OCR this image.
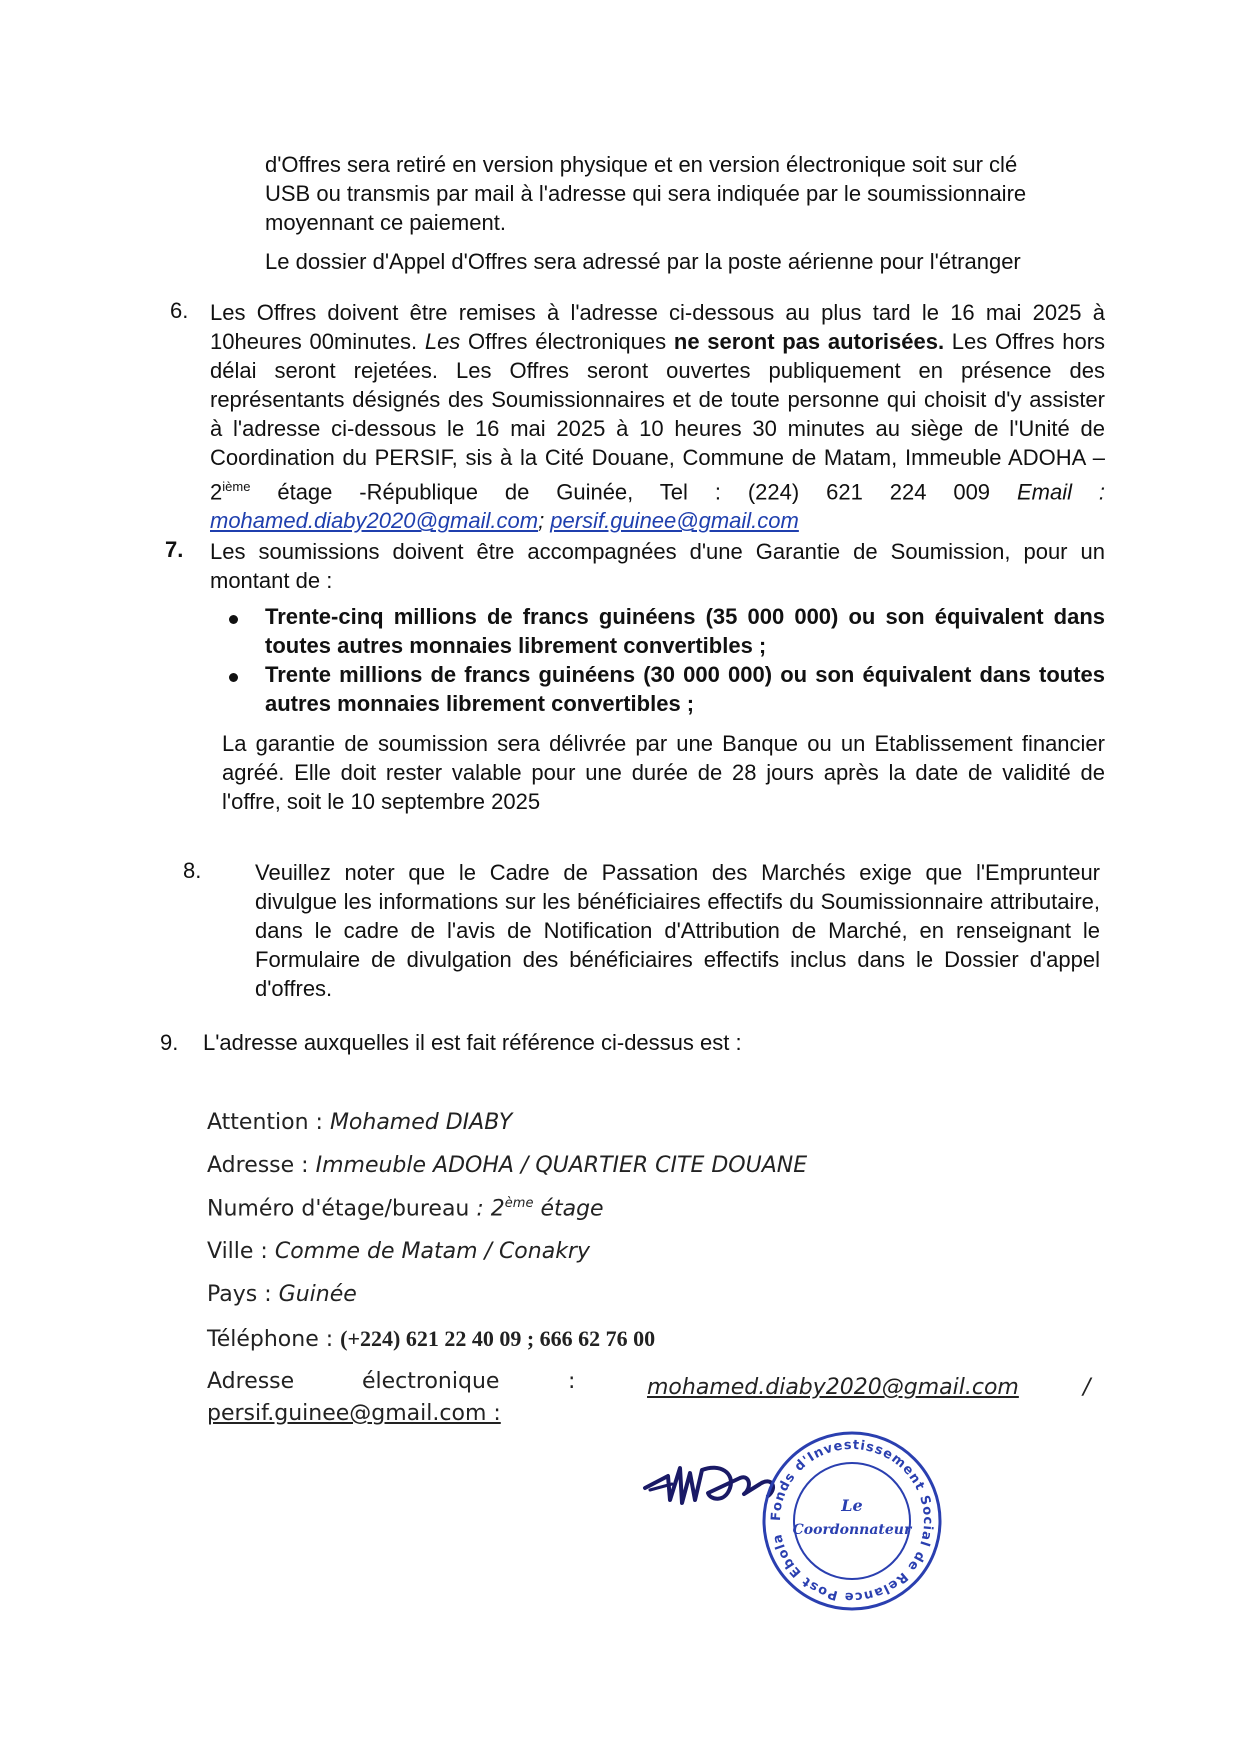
d'Offres sera retiré en version physique et en version électronique soit sur clé
USB ou transmis par mail à l'adresse qui sera indiquée par le soumissionnaire
moyennant ce paiement.
Le dossier d'Appel d'Offres sera adressé par la poste aérienne pour l'étranger
6. Les Offres doivent être remises à l'adresse ci-dessous au plus tard le 16 mai 2025 à 10heures 00minutes. Les Offres électroniques ne seront pas autorisées. Les Offres hors délai seront rejetées. Les Offres seront ouvertes publiquement en présence des représentants désignés des Soumissionnaires et de toute personne qui choisit d'y assister à l'adresse ci-dessous le 16 mai 2025 à 10 heures 30 minutes au siège de l'Unité de Coordination du PERSIF, sis à la Cité Douane, Commune de Matam, Immeuble ADOHA – 2ième étage -République de Guinée, Tel : (224) 621 224 009 Email : mohamed.diaby2020@gmail.com; persif.guinee@gmail.com
7. Les soumissions doivent être accompagnées d'une Garantie de Soumission, pour un montant de :
Trente-cinq millions de francs guinéens (35 000 000) ou son équivalent dans toutes autres monnaies librement convertibles ;
Trente millions de francs guinéens (30 000 000) ou son équivalent dans toutes autres monnaies librement convertibles ;
La garantie de soumission sera délivrée par une Banque ou un Etablissement financier agréé. Elle doit rester valable pour une durée de 28 jours après la date de validité de l'offre, soit le 10 septembre 2025
8. Veuillez noter que le Cadre de Passation des Marchés exige que l'Emprunteur divulgue les informations sur les bénéficiaires effectifs du Soumissionnaire attributaire, dans le cadre de l'avis de Notification d'Attribution de Marché, en renseignant le Formulaire de divulgation des bénéficiaires effectifs inclus dans le Dossier d'appel d'offres.
9. L'adresse auxquelles il est fait référence ci-dessus est :
Attention : Mohamed DIABY
Adresse : Immeuble ADOHA / QUARTIER CITE DOUANE
Numéro d'étage/bureau : 2ème étage
Ville : Comme de Matam / Conakry
Pays : Guinée
Téléphone : (+224) 621 22 40 09 ; 666 62 76 00
Adresse	électronique	:	mohamed.diaby2020@gmail.com	/
persif.guinee@gmail.com :
Fonds d'Investissement Social de Relance Post Ebola
Le
Coordonnateur
